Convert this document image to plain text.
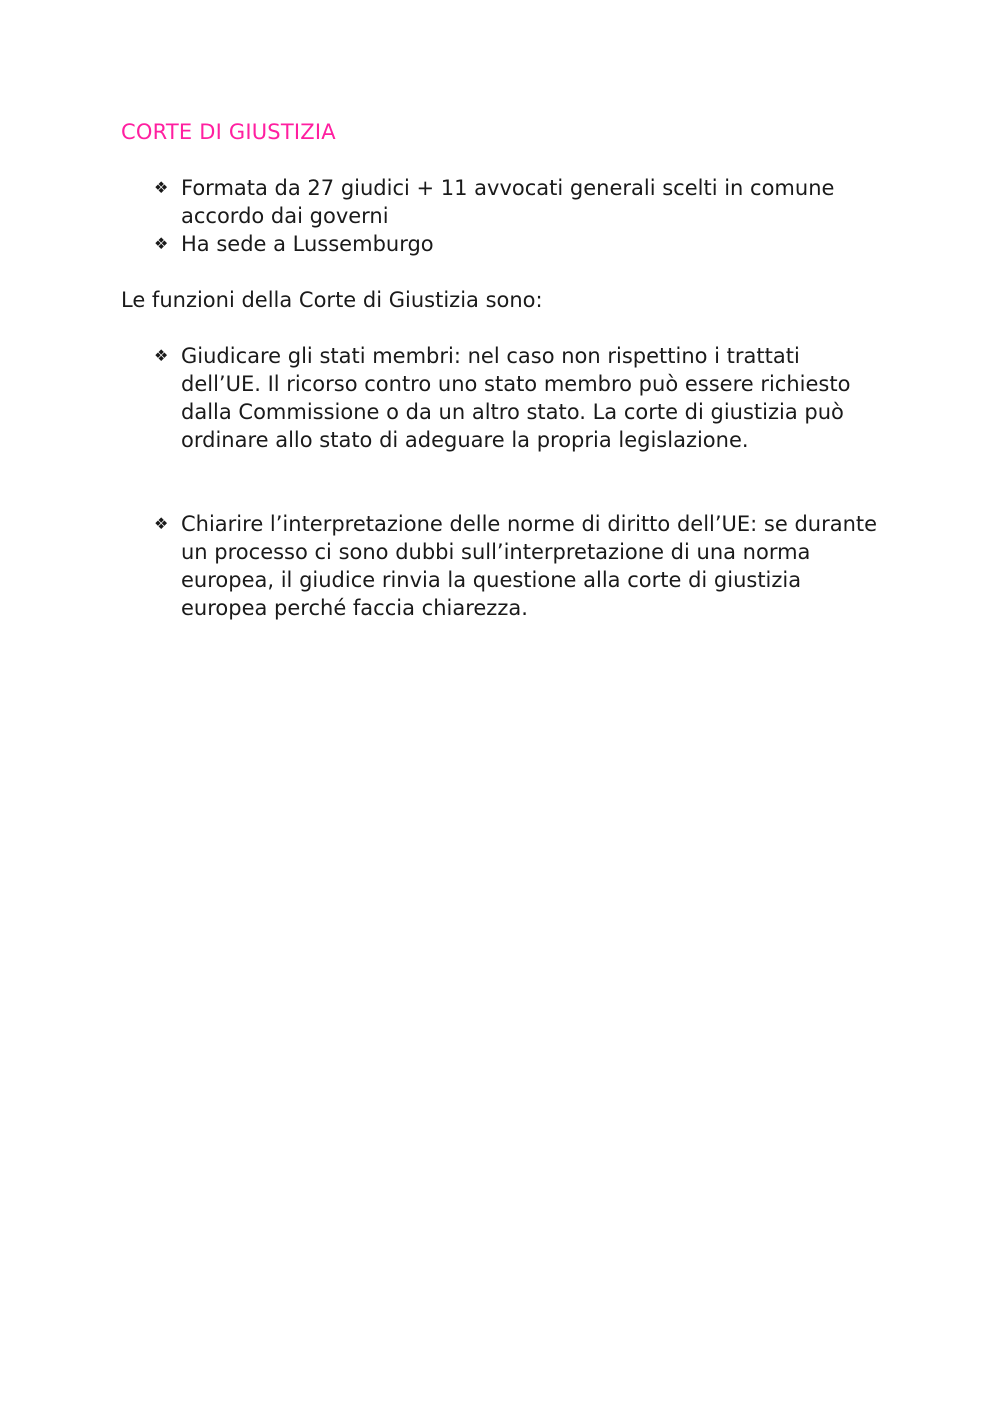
CORTE DI GIUSTIZIA
❖ Formata da 27 giudici + 11 avvocati generali scelti in comune accordo dai governi
❖ Ha sede a Lussemburgo

Le funzioni della Corte di Giustizia sono:

❖ Giudicare gli stati membri: nel caso non rispettino i trattati dell’UE. Il ricorso contro uno stato membro può essere richiesto dalla Commissione o da un altro stato. La corte di giustizia può ordinare allo stato di adeguare la propria legislazione.
❖ Chiarire l’interpretazione delle norme di diritto dell’UE: se durante un processo ci sono dubbi sull’interpretazione di una norma europea, il giudice rinvia la questione alla corte di giustizia europea perché faccia chiarezza.
